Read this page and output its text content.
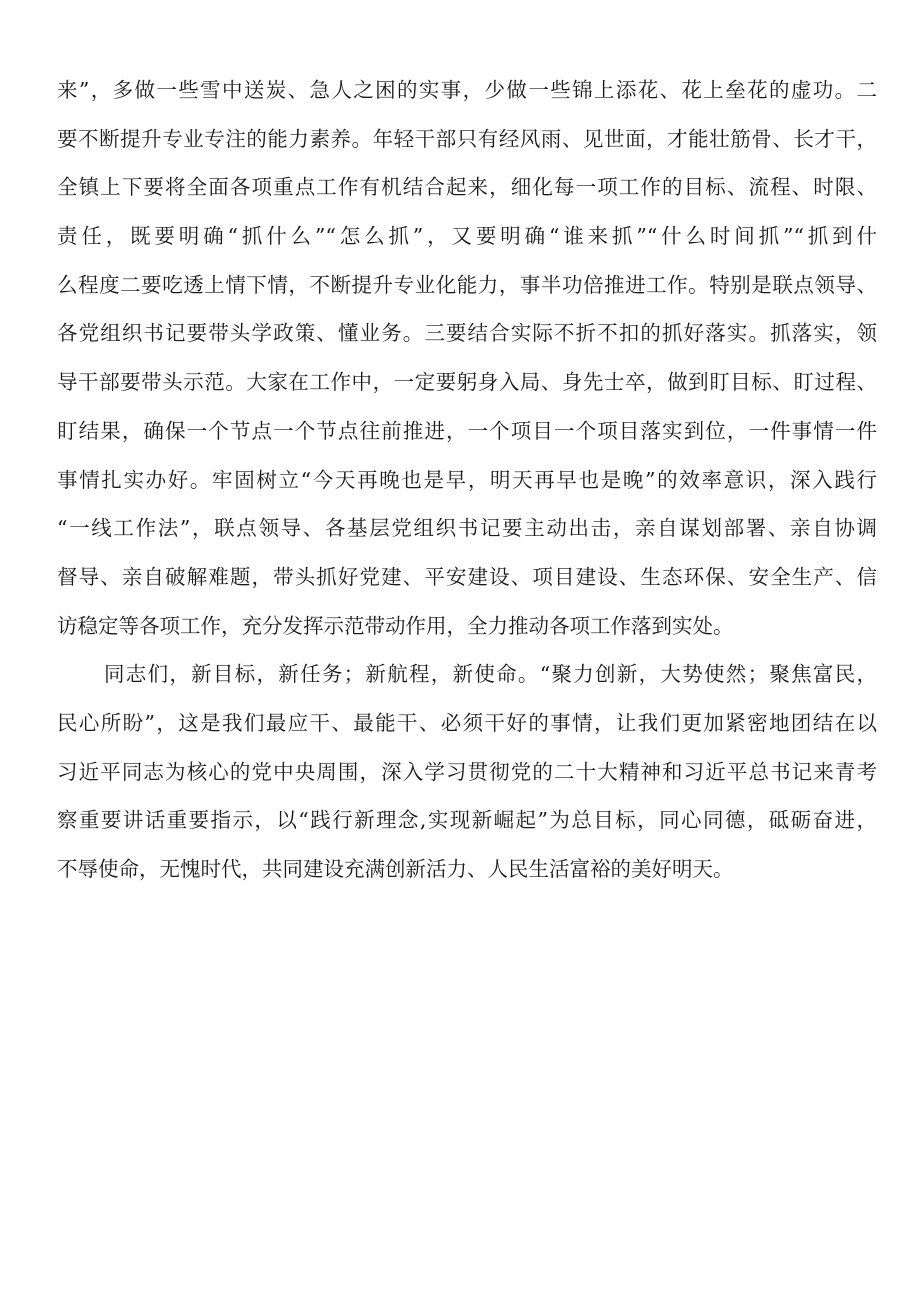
来”，多做一些雪中送炭、急人之困的实事，少做一些锦上添花、花上垒花的虚功。二
要不断提升专业专注的能力素养。年轻干部只有经风雨、见世面，才能壮筋骨、长才干，
全镇上下要将全面各项重点工作有机结合起来，细化每一项工作的目标、流程、时限、
责任，既要明确“抓什么”“怎么抓”，又要明确“谁来抓”“什么时间抓”“抓到什
么程度二要吃透上情下情，不断提升专业化能力，事半功倍推进工作。特别是联点领导、
各党组织书记要带头学政策、懂业务。三要结合实际不折不扣的抓好落实。抓落实，领
导干部要带头示范。大家在工作中，一定要躬身入局、身先士卒，做到盯目标、盯过程、
盯结果，确保一个节点一个节点往前推进，一个项目一个项目落实到位，一件事情一件
事情扎实办好。牢固树立“今天再晚也是早，明天再早也是晚”的效率意识，深入践行
“一线工作法”，联点领导、各基层党组织书记要主动出击，亲自谋划部署、亲自协调
督导、亲自破解难题，带头抓好党建、平安建设、项目建设、生态环保、安全生产、信
访稳定等各项工作，充分发挥示范带动作用，全力推动各项工作落到实处。
同志们，新目标，新任务；新航程，新使命。“聚力创新，大势使然；聚焦富民，
民心所盼”，这是我们最应干、最能干、必须干好的事情，让我们更加紧密地团结在以
习近平同志为核心的党中央周围，深入学习贯彻党的二十大精神和习近平总书记来青考
察重要讲话重要指示，以“践行新理念,实现新崛起”为总目标，同心同德，砥砺奋进，
不辱使命，无愧时代，共同建设充满创新活力、人民生活富裕的美好明天。
